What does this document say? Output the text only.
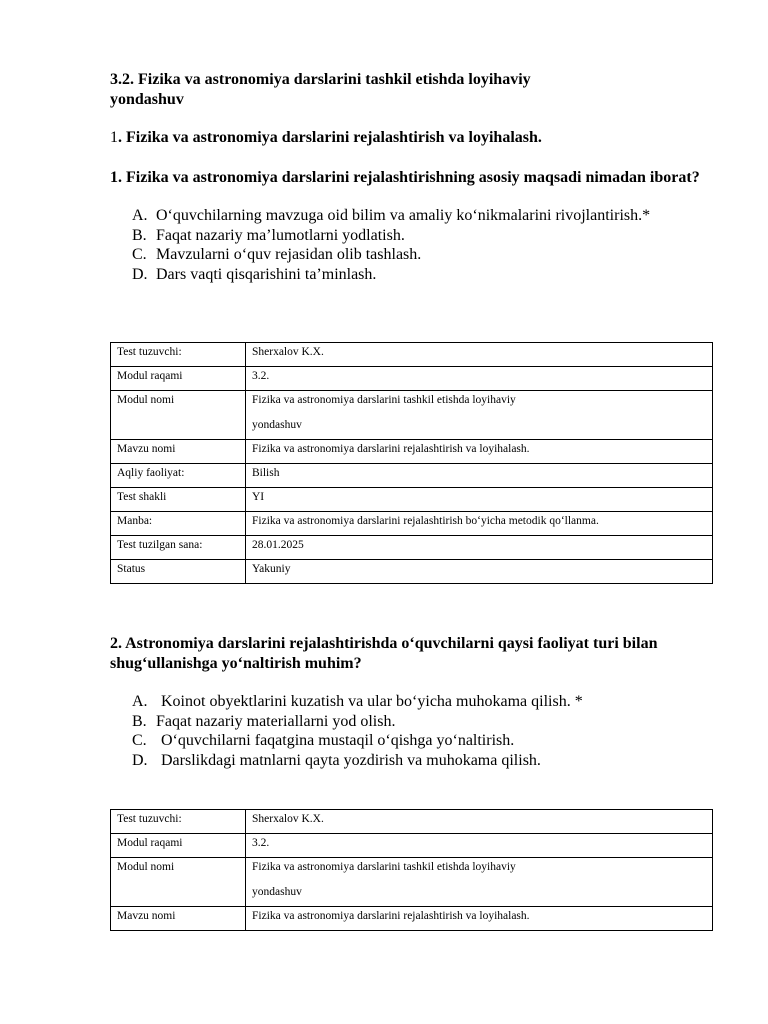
3.2. Fizika va astronomiya darslarini tashkil etishda loyihaviy
yondashuv
1. Fizika va astronomiya darslarini rejalashtirish va loyihalash.

1. Fizika va astronomiya darslarini rejalashtirishning asosiy maqsadi nimadan iborat?

A. O‘quvchilarning mavzuga oid bilim va amaliy ko‘nikmalarini rivojlantirish.*
B. Faqat nazariy ma’lumotlarni yodlatish.
C. Mavzularni o‘quv rejasidan olib tashlash.
D. Dars vaqti qisqarishini ta’minlash.
Test tuzuvchi:	Sherxalov K.X.
Modul raqami	3.2.
Modul nomi	Fizika va astronomiya darslarini tashkil etishda loyihaviy
yondashuv

Mavzu nomi	Fizika va astronomiya darslarini rejalashtirish va loyihalash.
Aqliy faoliyat:	Bilish
Test shakli	YI
Manba:	Fizika va astronomiya darslarini rejalashtirish bo‘yicha metodik qo‘llanma.
Test tuzilgan sana:	28.01.2025
Status	Yakuniy

2. Astronomiya darslarini rejalashtirishda o‘quvchilarni qaysi faoliyat turi bilan shug‘ullanishga yo‘naltirish muhim?

A. Koinot obyektlarini kuzatish va ular bo‘yicha muhokama qilish. *
B. Faqat nazariy materiallarni yod olish.
C. O‘quvchilarni faqatgina mustaqil o‘qishga yo‘naltirish.
D. Darslikdagi matnlarni qayta yozdirish va muhokama qilish.
Test tuzuvchi:	Sherxalov K.X.
Modul raqami	3.2.
Modul nomi	Fizika va astronomiya darslarini tashkil etishda loyihaviy
yondashuv

Mavzu nomi	Fizika va astronomiya darslarini rejalashtirish va loyihalash.
